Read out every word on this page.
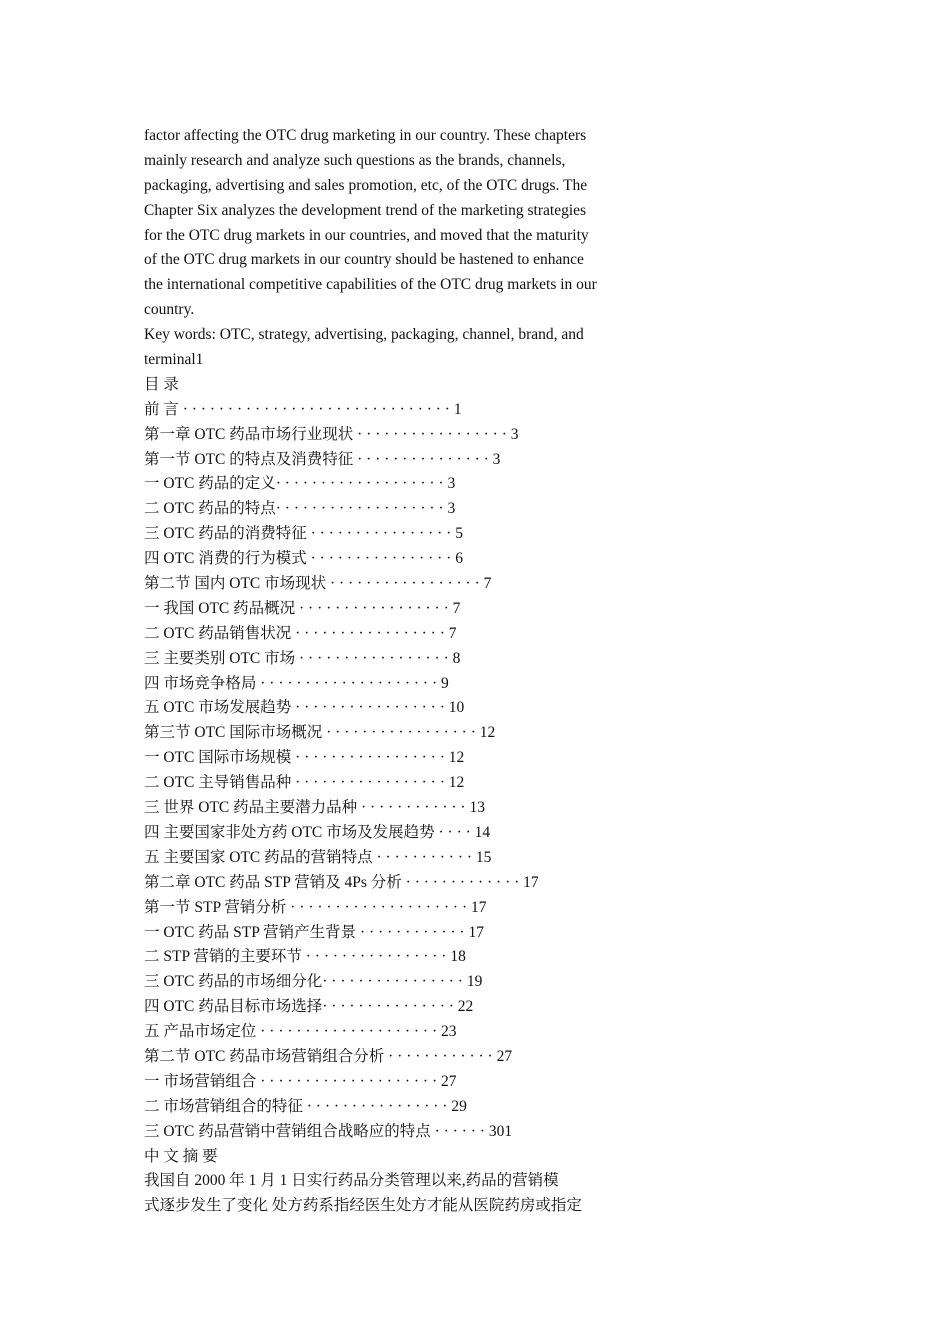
factor affecting the OTC drug marketing in our country. These chapters
mainly research and analyze such questions as the brands, channels,
packaging, advertising and sales promotion, etc, of the OTC drugs. The
Chapter Six analyzes the development trend of the marketing strategies
for the OTC drug markets in our countries, and moved that the maturity
of the OTC drug markets in our country should be hastened to enhance
the international competitive capabilities of the OTC drug markets in our
country.
Key words: OTC, strategy, advertising, packaging, channel, brand, and
terminal1
目 录
前 言 · · · · · · · · · · · · · · · · · · · · · · · · · · · · · · 1
第一章 OTC 药品市场行业现状 · · · · · · · · · · · · · · · · · 3
第一节 OTC 的特点及消费特征 · · · · · · · · · · · · · · · 3
一 OTC 药品的定义· · · · · · · · · · · · · · · · · · · 3
二 OTC 药品的特点· · · · · · · · · · · · · · · · · · · 3
三 OTC 药品的消费特征 · · · · · · · · · · · · · · · · 5
四 OTC 消费的行为模式 · · · · · · · · · · · · · · · · 6
第二节 国内 OTC 市场现状 · · · · · · · · · · · · · · · · · 7
一 我国 OTC 药品概况 · · · · · · · · · · · · · · · · · 7
二 OTC 药品销售状况 · · · · · · · · · · · · · · · · · 7
三 主要类别 OTC 市场 · · · · · · · · · · · · · · · · · 8
四 市场竞争格局 · · · · · · · · · · · · · · · · · · · · 9
五 OTC 市场发展趋势 · · · · · · · · · · · · · · · · · 10
第三节 OTC 国际市场概况 · · · · · · · · · · · · · · · · · 12
一 OTC 国际市场规模 · · · · · · · · · · · · · · · · · 12
二 OTC 主导销售品种 · · · · · · · · · · · · · · · · · 12
三 世界 OTC 药品主要潜力品种 · · · · · · · · · · · · 13
四 主要国家非处方药 OTC 市场及发展趋势 · · · · 14
五 主要国家 OTC 药品的营销特点 · · · · · · · · · · · 15
第二章 OTC 药品 STP 营销及 4Ps 分析 · · · · · · · · · · · · · 17
第一节 STP 营销分析 · · · · · · · · · · · · · · · · · · · · 17
一 OTC 药品 STP 营销产生背景 · · · · · · · · · · · · 17
二 STP 营销的主要环节 · · · · · · · · · · · · · · · · 18
三 OTC 药品的市场细分化· · · · · · · · · · · · · · · · 19
四 OTC 药品目标市场选择· · · · · · · · · · · · · · · 22
五 产品市场定位 · · · · · · · · · · · · · · · · · · · · 23
第二节 OTC 药品市场营销组合分析 · · · · · · · · · · · · 27
一 市场营销组合 · · · · · · · · · · · · · · · · · · · · 27
二 市场营销组合的特征 · · · · · · · · · · · · · · · · 29
三 OTC 药品营销中营销组合战略应的特点 · · · · · · 301
中 文 摘 要
我国自 2000 年 1 月 1 日实行药品分类管理以来,药品的营销模
式逐步发生了变化 处方药系指经医生处方才能从医院药房或指定
